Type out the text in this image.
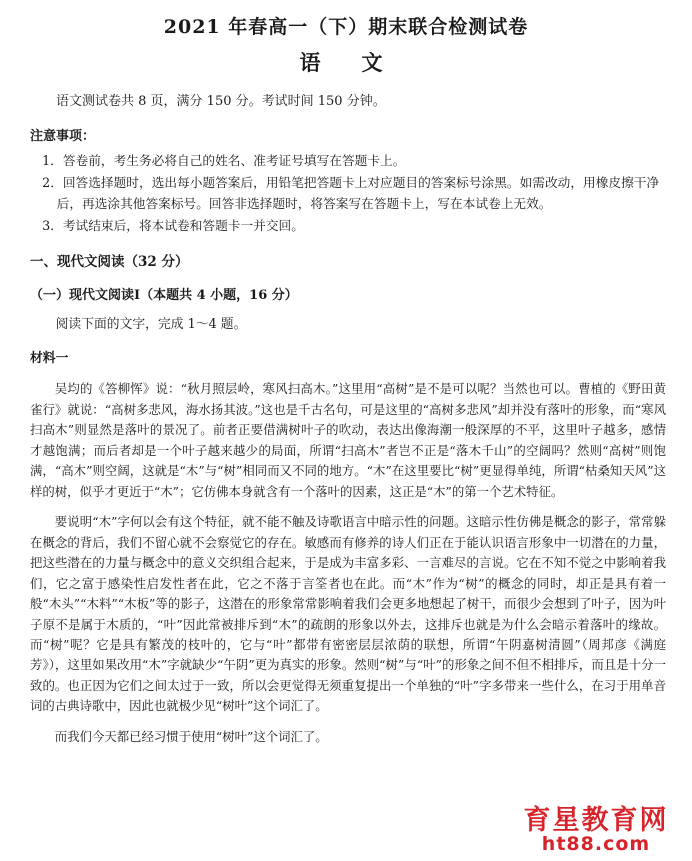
2021 年春高一（下）期末联合检测试卷
语　文

语文测试卷共 8 页，满分 150 分。考试时间 150 分钟。

注意事项：

1．答卷前，考生务必将自己的姓名、准考证号填写在答题卡上。
2．回答选择题时，选出每小题答案后，用铅笔把答题卡上对应题目的答案标号涂黑。如需改动，用橡皮擦干净后，再选涂其他答案标号。回答非选择题时，将答案写在答题卡上，写在本试卷上无效。
3．考试结束后，将本试卷和答题卡一并交回。

一、现代文阅读（32 分）

（一）现代文阅读Ⅰ（本题共 4 小题，16 分）

阅读下面的文字，完成 1～4 题。

材料一

吴均的《答柳恽》说：“秋月照层岭，寒风扫高木。”这里用“高树”是不是可以呢？当然也可以。曹植的《野田黄雀行》就说：“高树多悲风，海水扬其波。”这也是千古名句，可是这里的“高树多悲风”却并没有落叶的形象，而“寒风扫高木”则显然是落叶的景况了。前者正要借满树叶子的吹动，表达出像海潮一般深厚的不平，这里叶子越多，感情才越饱满；而后者却是一个叶子越来越少的局面，所谓“扫高木”者岂不正是“落木千山”的空阔吗？然则“高树”则饱满，“高木”则空阔，这就是“木”与“树”相同而又不同的地方。“木”在这里要比“树”更显得单纯，所谓“枯桑知天风”这样的树，似乎才更近于“木”；它仿佛本身就含有一个落叶的因素，这正是“木”的第一个艺术特征。

要说明“木”字何以会有这个特征，就不能不触及诗歌语言中暗示性的问题。这暗示性仿佛是概念的影子，常常躲在概念的背后，我们不留心就不会察觉它的存在。敏感而有修养的诗人们正在于能认识语言形象中一切潜在的力量，把这些潜在的力量与概念中的意义交织组合起来，于是成为丰富多彩、一言难尽的言说。它在不知不觉之中影响着我们，它之富于感染性启发性者在此，它之不落于言筌者也在此。而“木”作为“树”的概念的同时，却正是具有着一般“木头”“木料”“木板”等的影子，这潜在的形象常常影响着我们会更多地想起了树干，而很少会想到了叶子，因为叶子原不是属于木质的，“叶”因此常被排斥到“木”的疏朗的形象以外去，这排斥也就是为什么会暗示着落叶的缘故。而“树”呢？它是具有繁茂的枝叶的，它与“叶”都带有密密层层浓荫的联想，所谓“午阴嘉树清圆”（周邦彦《满庭芳》），这里如果改用“木”字就缺少“午阴”更为真实的形象。然则“树”与“叶”的形象之间不但不相排斥，而且是十分一致的。也正因为它们之间太过于一致，所以会更觉得无须重复提出一个单独的“叶”字多带来一些什么，在习于用单音词的古典诗歌中，因此也就极少见“树叶”这个词汇了。

而我们今天都已经习惯于使用“树叶”这个词汇了。

育星教育网
ht88.com
